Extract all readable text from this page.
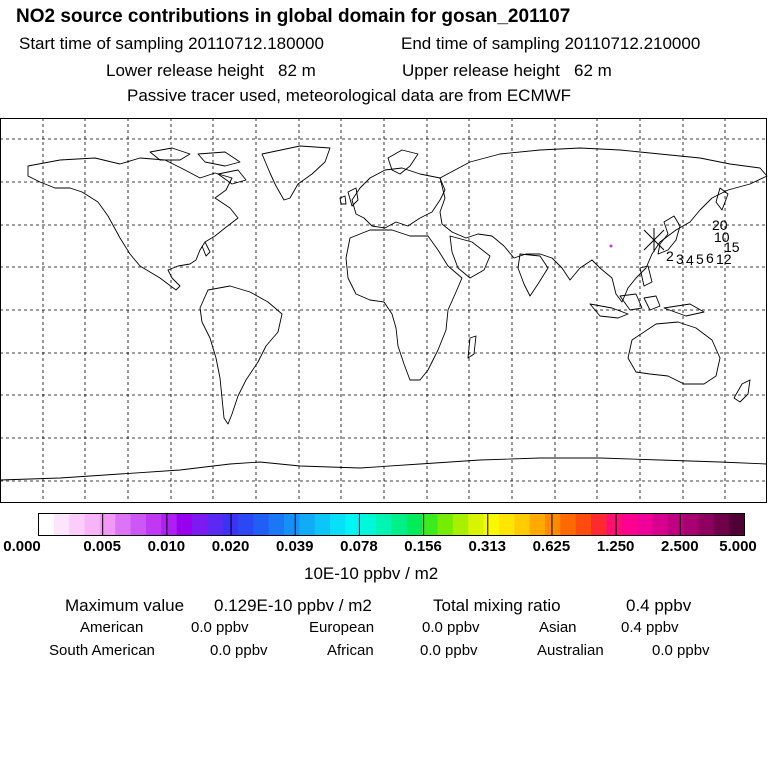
NO2 source contributions in global domain for gosan_201107
Start time of sampling 20110712.180000	End time of sampling 20110712.210000
Lower release height   82 m	Upper release height   62 m
Passive tracer used, meteorological data are from ECMWF
2 3 4 5 6 12
20
10
15
0.000	0.005 0.010 0.020 0.039 0.078 0.156 0.313 0.625 1.250 2.500 5.000
10E-10 ppbv / m2
Maximum value 0.129E-10 ppbv / m2	Total mixing ratio	0.4 ppbv
American	0.0 ppbv	European	0.0 ppbv	Asian	0.4 ppbv
South American	0.0 ppbv	African	0.0 ppbv	Australian	0.0 ppbv
